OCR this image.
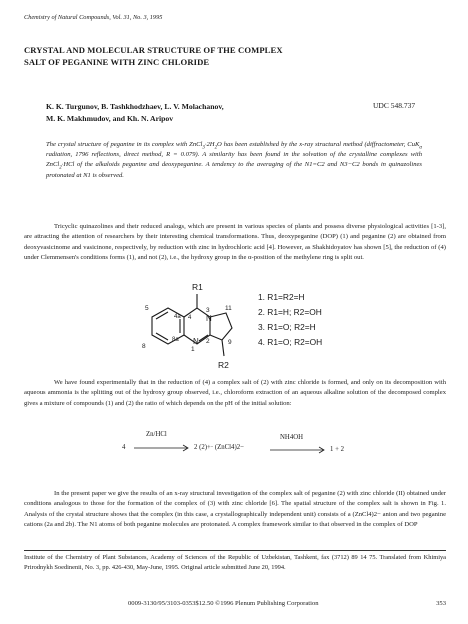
Chemistry of Natural Compounds, Vol. 31, No. 3, 1995
CRYSTAL AND MOLECULAR STRUCTURE OF THE COMPLEX
SALT OF PEGANINE WITH ZINC CHLORIDE
K. K. Turgunov, B. Tashkhodzhaev, L. V. Molachanov,
M. K. Makhmudov, and Kh. N. Aripov
UDC 548.737
The crystal structure of peganine in its complex with $ZnCl_3\cdot 2H_2O$ has been established by the x-ray structural method (diffractometer, CuK$_\alpha$ radiation, 1796 reflections, direct method, R = 0.079). A similarity has been found in the solvation of the crystalline complexes with ZnCl$_2$·HCl of the alkaloids peganine and deoxypeganine. A tendency to the averaging of the N1=C2 and N3−C2 bonds in quinazolines protonated at N1 is observed.
Tricyclic quinazolines and their reduced analogs, which are present in various species of plants and possess diverse physiological activities [1-3], are attracting the attention of researchers by their interesting chemical transformations. Thus, deoxypeganine (DOP) (1) and peganine (2) are obtained from deoxyvasicinome and vasicinone, respectively, by reduction with zinc in hydrochloric acid [4]. However, as Shakhidoyatov has shown [5], the reduction of (4) under Clemmensen's conditions forms (1), and not (2), i.e., the hydroxy group in the α-position of the methylene ring is split out.
R1
3 11
4
4a
5
8
8a
1
2	9
R2
N
N
1. R1=R2=H
2. R1=H; R2=OH
3. R1=O; R2=H
4. R1=O; R2=OH
We have found experimentally that in the reduction of (4) a complex salt of (2) with zinc chloride is formed, and only on its decomposition with aqueous ammonia is the splitting out of the hydroxy group observed, i.e., chloroform extraction of an aqueous alkaline solution of the decomposed complex gives a mixture of compounds (1) and (2) the ratio of which depends on the pH of the initial solution:
4
Zn/HCl
2 (2)+· (ZnCl4)2−
NH4OH
1 + 2
In the present paper we give the results of an x-ray structural investigation of the complex salt of peganine (2) with zinc chloride (II) obtained under conditions analogous to those for the formation of the complex of (3) with zinc chloride [6]. The spatial structure of the complex salt is shown in Fig. 1. Analysis of the crystal structure shows that the complex (in this case, a crystallographically independent unit) consists of a (ZnCl4)2− anion and two peganine cations (2a and 2b). The N1 atoms of both peganine molecules are protonated. A complex framework similar to that observed in the complex of DOP
Institute of the Chemistry of Plant Substances, Academy of Sciences of the Republic of Uzbekistan, Tashkent, fax (3712) 89 14 75. Translated from Khimiya Prirodnykh Soedinenii, No. 3, pp. 426-430, May-June, 1995. Original article submitted June 20, 1994.
0009-3130/95/3103-0353$12.50 ©1996 Plenum Publishing Corporation	353
